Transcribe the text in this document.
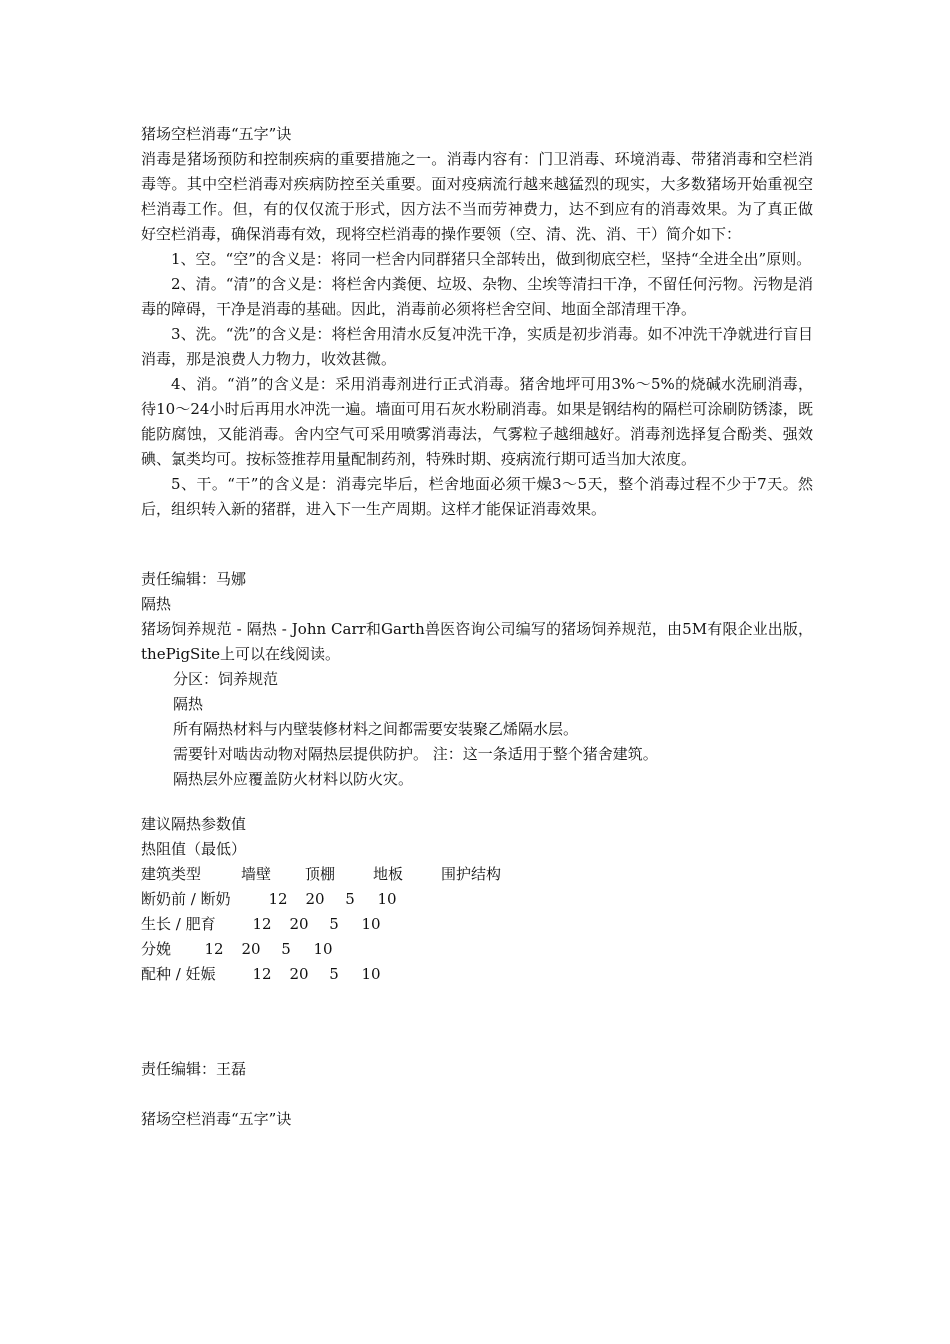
猪场空栏消毒“五字”诀
消毒是猪场预防和控制疾病的重要措施之一。消毒内容有：门卫消毒、环境消毒、带猪消毒和空栏消毒等。其中空栏消毒对疾病防控至关重要。面对疫病流行越来越猛烈的现实，大多数猪场开始重视空栏消毒工作。但，有的仅仅流于形式，因方法不当而劳神费力，达不到应有的消毒效果。为了真正做好空栏消毒，确保消毒有效，现将空栏消毒的操作要领（空、清、洗、消、干）简介如下：
1、空。“空”的含义是：将同一栏舍内同群猪只全部转出，做到彻底空栏，坚持“全进全出”原则。
2、清。“清”的含义是：将栏舍内粪便、垃圾、杂物、尘埃等清扫干净，不留任何污物。污物是消毒的障碍，干净是消毒的基础。因此，消毒前必须将栏舍空间、地面全部清理干净。
3、洗。“洗”的含义是：将栏舍用清水反复冲洗干净，实质是初步消毒。如不冲洗干净就进行盲目消毒，那是浪费人力物力，收效甚微。
4、消。“消”的含义是：采用消毒剂进行正式消毒。猪舍地坪可用3%～5%的烧碱水洗刷消毒，待10～24小时后再用水冲洗一遍。墙面可用石灰水粉刷消毒。如果是钢结构的隔栏可涂刷防锈漆，既能防腐蚀，又能消毒。舍内空气可采用喷雾消毒法，气雾粒子越细越好。消毒剂选择复合酚类、强效碘、氯类均可。按标签推荐用量配制药剂，特殊时期、疫病流行期可适当加大浓度。
5、干。“干”的含义是：消毒完毕后，栏舍地面必须干燥3～5天，整个消毒过程不少于7天。然后，组织转入新的猪群，进入下一生产周期。这样才能保证消毒效果。
责任编辑：马娜
隔热
猪场饲养规范 - 隔热 - John Carr和Garth兽医咨询公司编写的猪场饲养规范，由5M有限企业出版，thePigSite上可以在线阅读。
分区：饲养规范
隔热
所有隔热材料与内壁装修材料之间都需要安装聚乙烯隔水层。
需要针对啮齿动物对隔热层提供防护。 注：这一条适用于整个猪舍建筑。
隔热层外应覆盖防火材料以防火灾。
建议隔热参数值
热阻值（最低）
建筑类型	墙壁	顶棚	地板	围护结构
断奶前 / 断奶	12	20	5	10
生长 / 肥育	12	20	5	10
分娩	12	20	5	10
配种 / 妊娠	12	20	5	10
责任编辑：王磊
猪场空栏消毒“五字”诀
